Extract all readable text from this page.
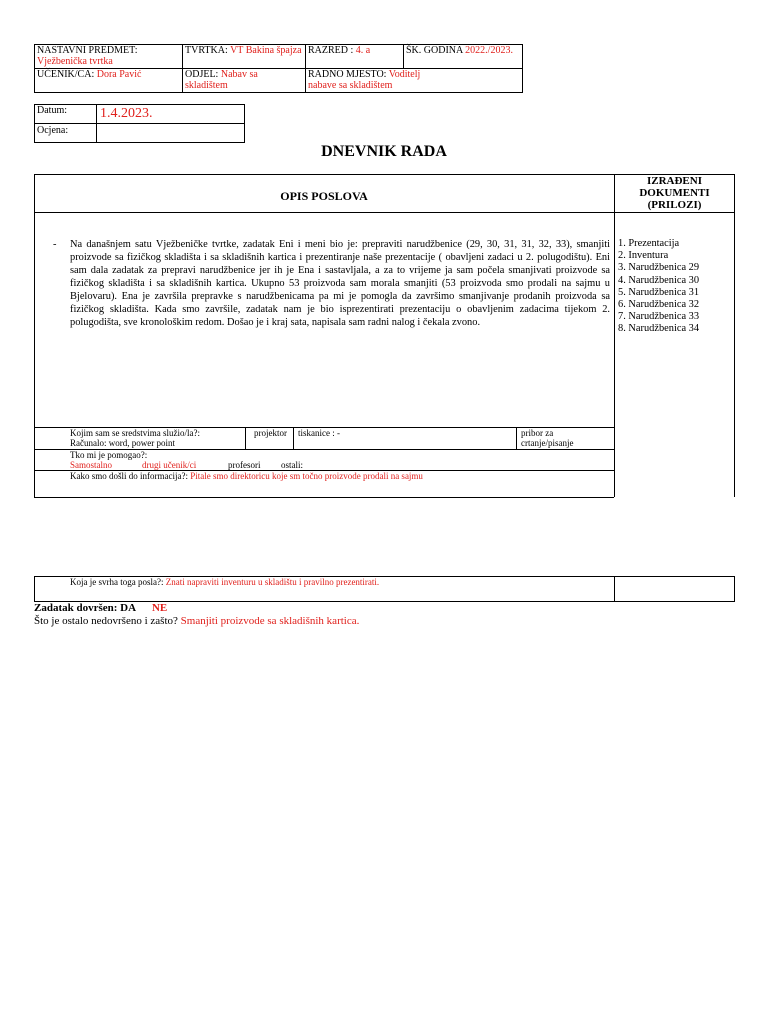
NASTAVNI PREDMET:
Vježbenička tvrtka
TVRTKA: VT Bakina špajza RAZRED : 4. a	ŠK. GODINA 2022./2023.
UČENIK/CA: Dora Pavić	ODJEL: Nabav sa skladištem
RADNO MJESTO: Voditelj nabave sa skladištem
Datum: 1.4.2023.
Ocjena:
DNEVNIK RADA
OPIS POSLOVA
IZRAĐENI
DOKUMENTI
(PRILOZI)
- Na današnjem satu Vježbeničke tvrtke, zadatak Eni i meni bio je: prepraviti narudžbenice (29, 30, 31, 31, 32, 33), smanjiti proizvode sa fizičkog skladišta i sa skladišnih kartica i prezentiranje naše prezentacije ( obavljeni zadaci u 2. polugodištu). Eni sam dala zadatak za prepravi narudžbenice jer ih je Ena i sastavljala, a za to vrijeme ja sam počela smanjivati proizvode sa fizičkog skladišta i sa skladišnih kartica. Ukupno 53 proizvoda sam morala smanjiti (53 proizvoda smo prodali na sajmu u Bjelovaru). Ena je završila prepravke s narudžbenicama pa mi je pomogla da završimo smanjivanje prodanih proizvoda sa fizičkog skladišta. Kada smo završile, zadatak nam je bio isprezentirati prezentaciju o obavljenim zadacima tijekom 2. polugodišta, sve kronološkim redom. Došao je i kraj sata, napisala sam radni nalog i čekala zvono.
1. Prezentacija
2. Inventura
3. Narudžbenica 29
4. Narudžbenica 30
5. Narudžbenica 31
6. Narudžbenica 32
7. Narudžbenica 33
8. Narudžbenica 34
Kojim sam se sredstvima služio/la?:
Računalo: word, power point
projektor tiskanice : -	pribor za
crtanje/pisanje
Tko mi je pomogao?:
Samostalno	drugi učenik/ci	profesori ostali:
Kako smo došli do informacija?: Pitale smo direktoricu koje sm točno proizvode prodali na sajmu
Koja je svrha toga posla?: Znati napraviti inventuru u skladištu i pravilno prezentirati.
Zadatak dovršen: DA NE
Što je ostalo nedovršeno i zašto? Smanjiti proizvode sa skladišnih kartica.
